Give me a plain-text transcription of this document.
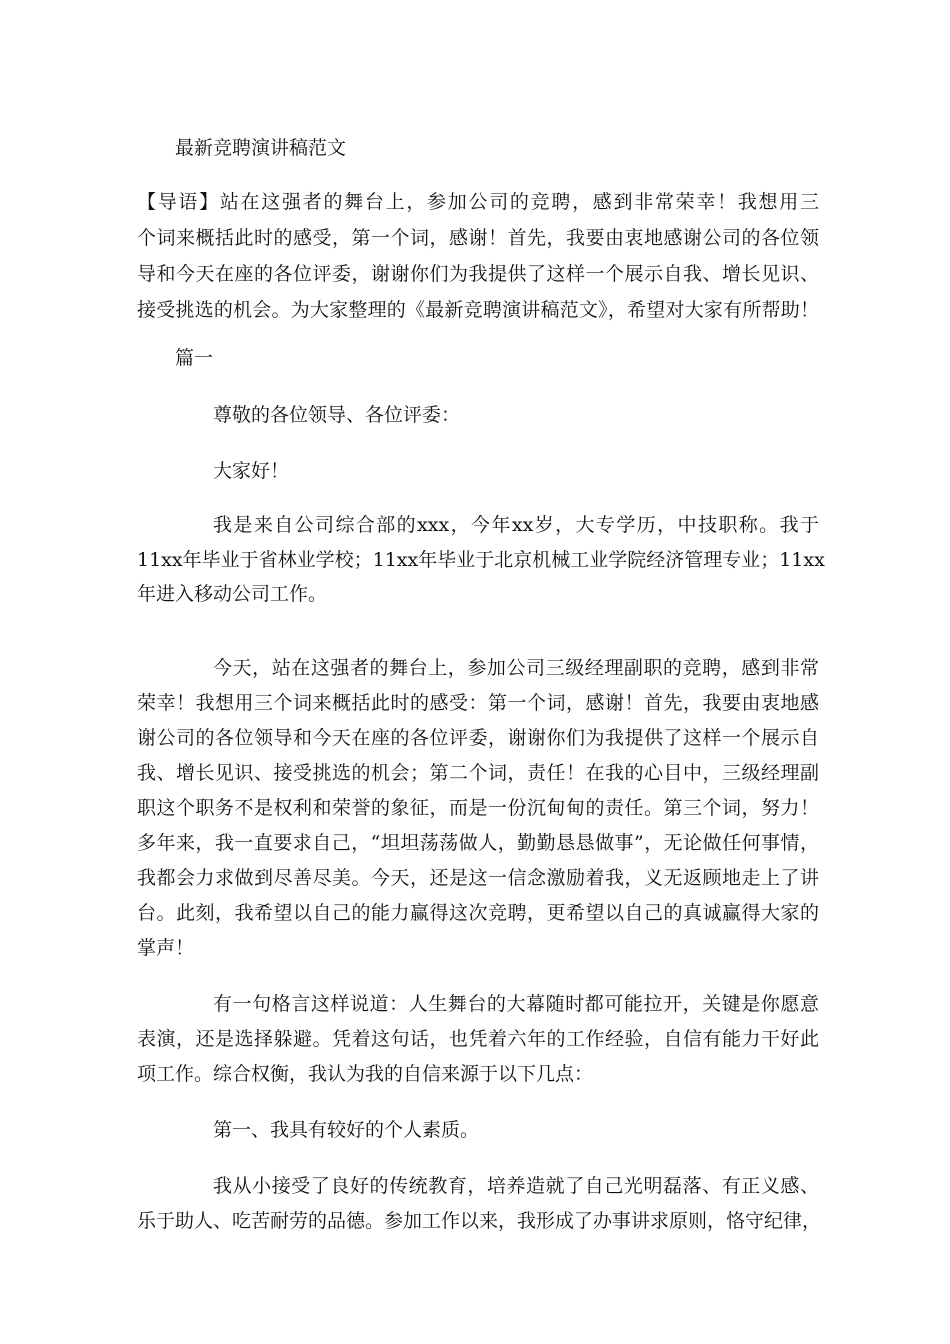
最新竞聘演讲稿范文
【导语】站在这强者的舞台上，参加公司的竞聘，感到非常荣幸！我想用三
个词来概括此时的感受，第一个词，感谢！首先，我要由衷地感谢公司的各位领
导和今天在座的各位评委，谢谢你们为我提供了这样一个展示自我、增长见识、
接受挑选的机会。为大家整理的《最新竞聘演讲稿范文》，希望对大家有所帮助！
篇一
尊敬的各位领导、各位评委：
大家好！
我是来自公司综合部的xxx，今年xx岁，大专学历，中技职称。我于
11xx年毕业于省林业学校；11xx年毕业于北京机械工业学院经济管理专业；11xx
年进入移动公司工作。
今天，站在这强者的舞台上，参加公司三级经理副职的竞聘，感到非常
荣幸！我想用三个词来概括此时的感受：第一个词，感谢！首先，我要由衷地感
谢公司的各位领导和今天在座的各位评委，谢谢你们为我提供了这样一个展示自
我、增长见识、接受挑选的机会；第二个词，责任！在我的心目中，三级经理副
职这个职务不是权利和荣誉的象征，而是一份沉甸甸的责任。第三个词，努力！
多年来，我一直要求自己，“坦坦荡荡做人，勤勤恳恳做事”，无论做任何事情，
我都会力求做到尽善尽美。今天，还是这一信念激励着我，义无返顾地走上了讲
台。此刻，我希望以自己的能力赢得这次竞聘，更希望以自己的真诚赢得大家的
掌声！
有一句格言这样说道：人生舞台的大幕随时都可能拉开，关键是你愿意
表演，还是选择躲避。凭着这句话，也凭着六年的工作经验，自信有能力干好此
项工作。综合权衡，我认为我的自信来源于以下几点：
第一、我具有较好的个人素质。
我从小接受了良好的传统教育，培养造就了自己光明磊落、有正义感、
乐于助人、吃苦耐劳的品德。参加工作以来，我形成了办事讲求原则，恪守纪律，
